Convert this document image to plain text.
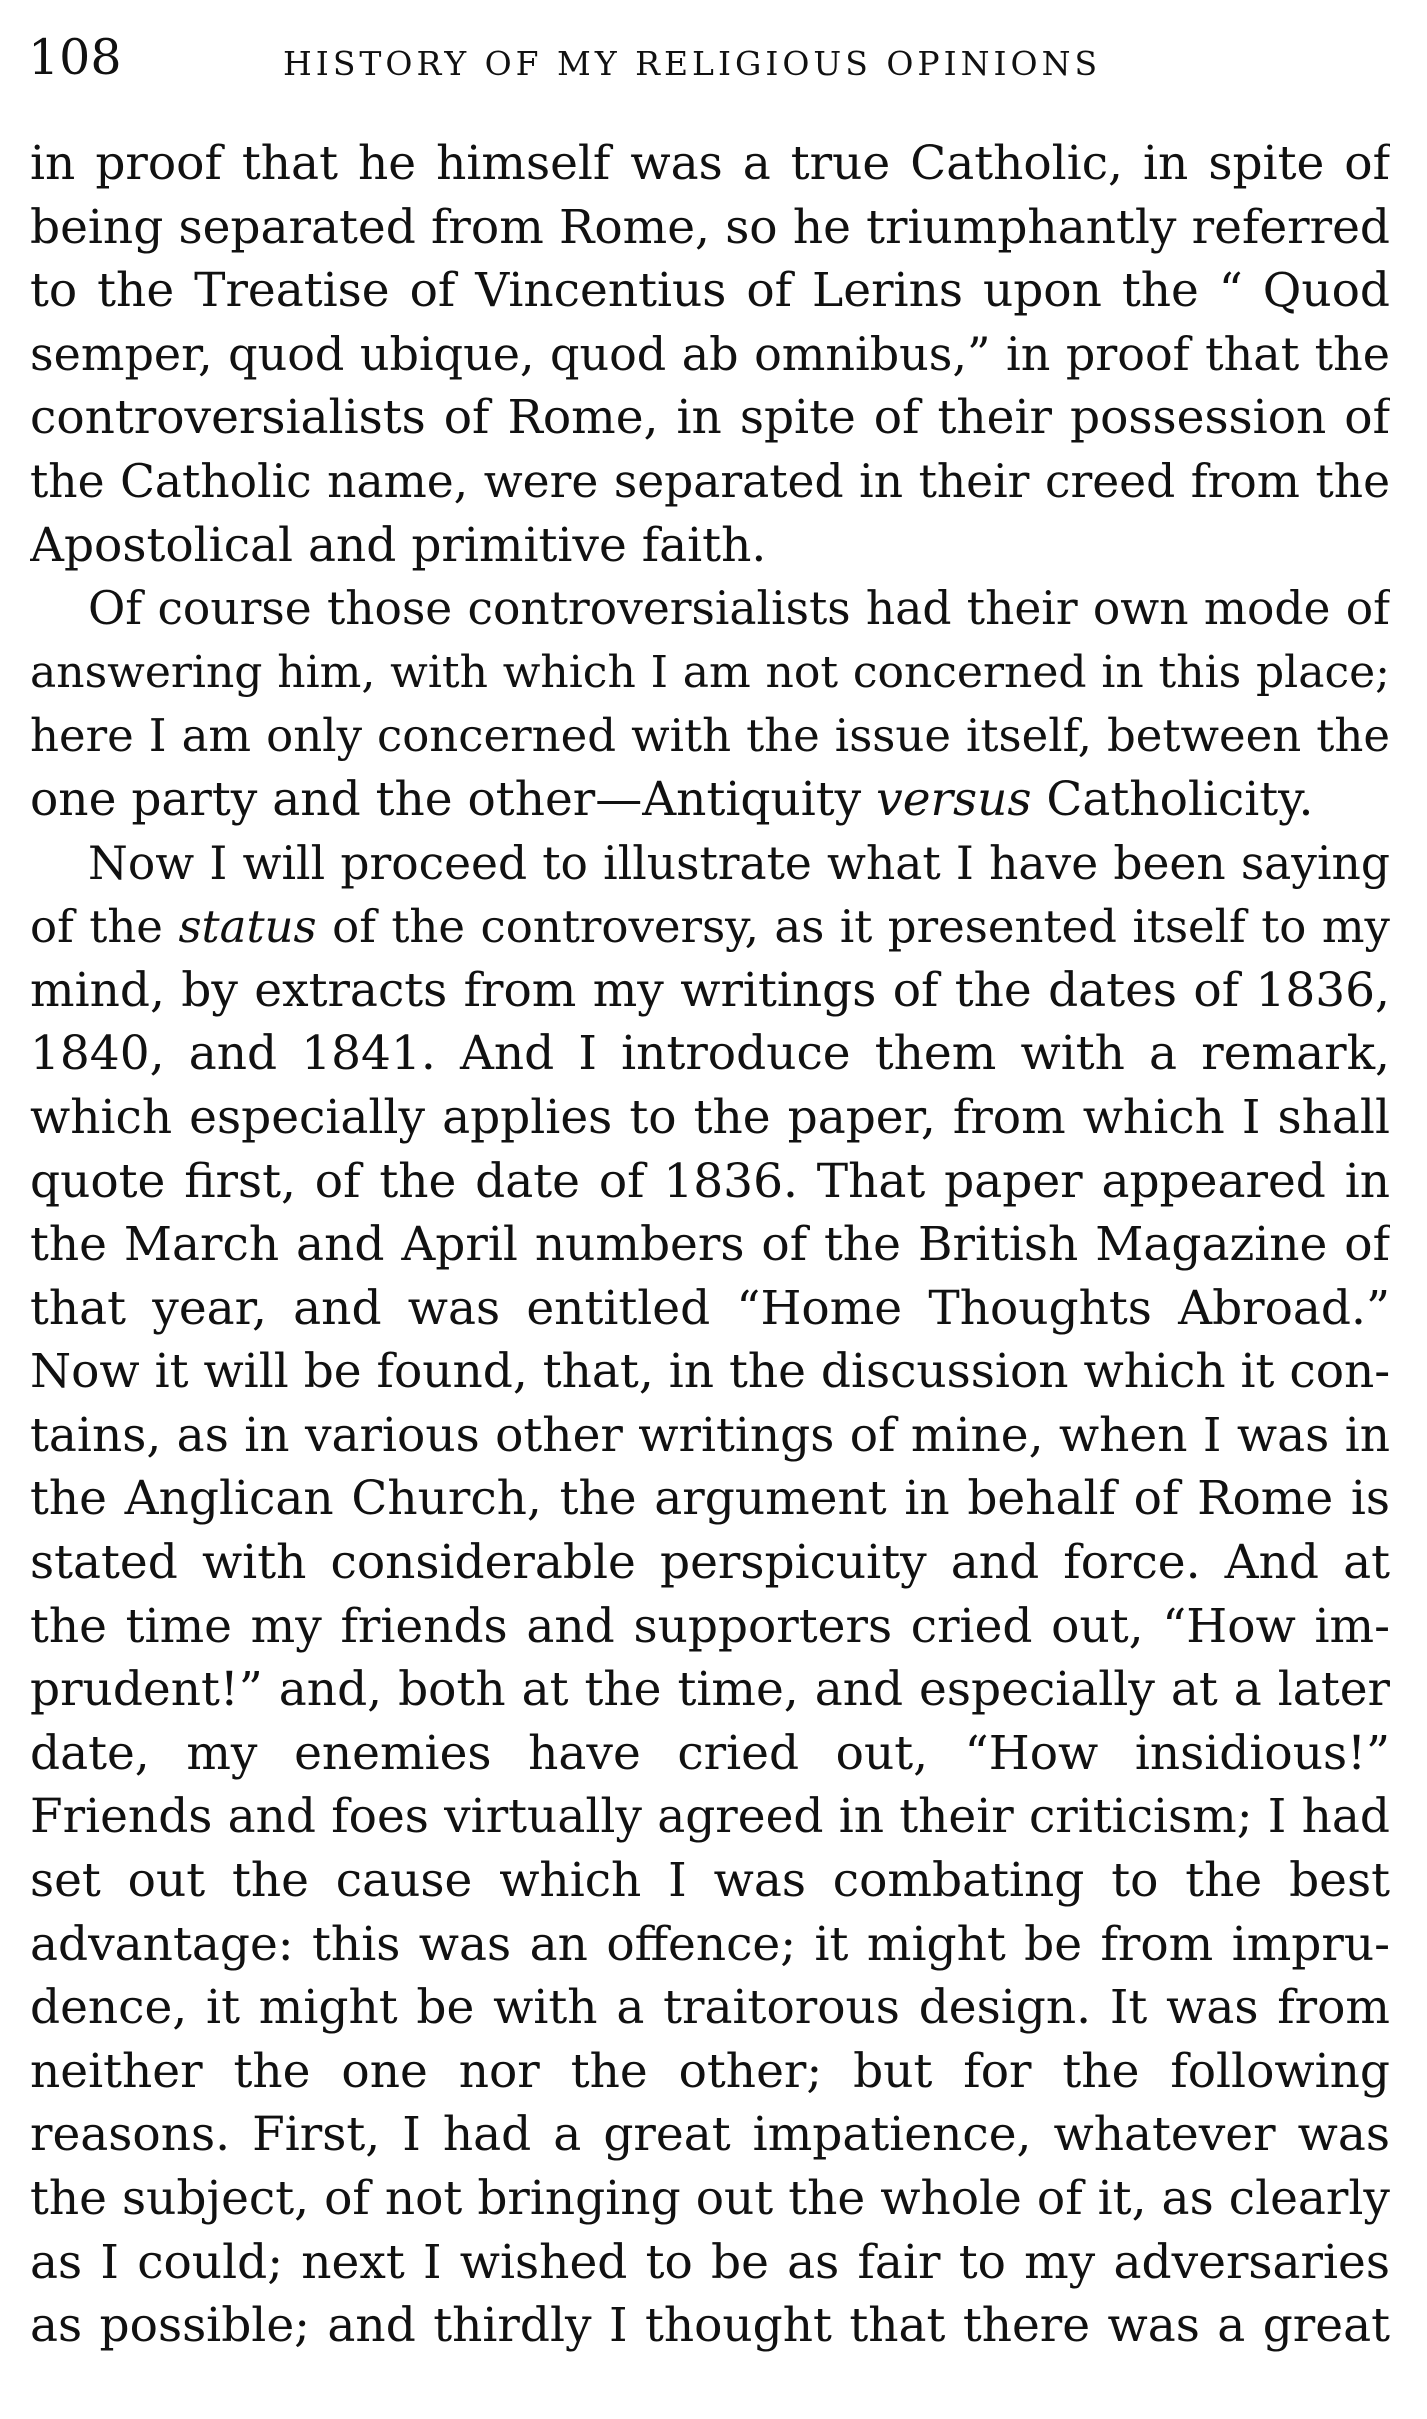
108	HISTORY OF MY RELIGIOUS OPINIONS
in proof that he himself was a true Catholic, in spite of
being separated from Rome, so he triumphantly referred
to the Treatise of Vincentius of Lerins upon the “ Quod
semper, quod ubique, quod ab omnibus,” in proof that the
controversialists of Rome, in spite of their possession of
the Catholic name, were separated in their creed from the
Apostolical and primitive faith.
Of course those controversialists had their own mode of
answering him, with which I am not concerned in this place;
here I am only concerned with the issue itself, between the
one party and the other—Antiquity versus Catholicity.
Now I will proceed to illustrate what I have been saying
of the status of the controversy, as it presented itself to my
mind, by extracts from my writings of the dates of 1836,
1840, and 1841. And I introduce them with a remark,
which especially applies to the paper, from which I shall
quote first, of the date of 1836. That paper appeared in
the March and April numbers of the British Magazine of
that year, and was entitled “Home Thoughts Abroad.”
Now it will be found, that, in the discussion which it con-
tains, as in various other writings of mine, when I was in
the Anglican Church, the argument in behalf of Rome is
stated with considerable perspicuity and force. And at
the time my friends and supporters cried out, “How im-
prudent!” and, both at the time, and especially at a later
date, my enemies have cried out, “How insidious!”
Friends and foes virtually agreed in their criticism; I had
set out the cause which I was combating to the best
advantage: this was an offence; it might be from impru-
dence, it might be with a traitorous design. It was from
neither the one nor the other; but for the following
reasons. First, I had a great impatience, whatever was
the subject, of not bringing out the whole of it, as clearly
as I could; next I wished to be as fair to my adversaries
as possible; and thirdly I thought that there was a great
